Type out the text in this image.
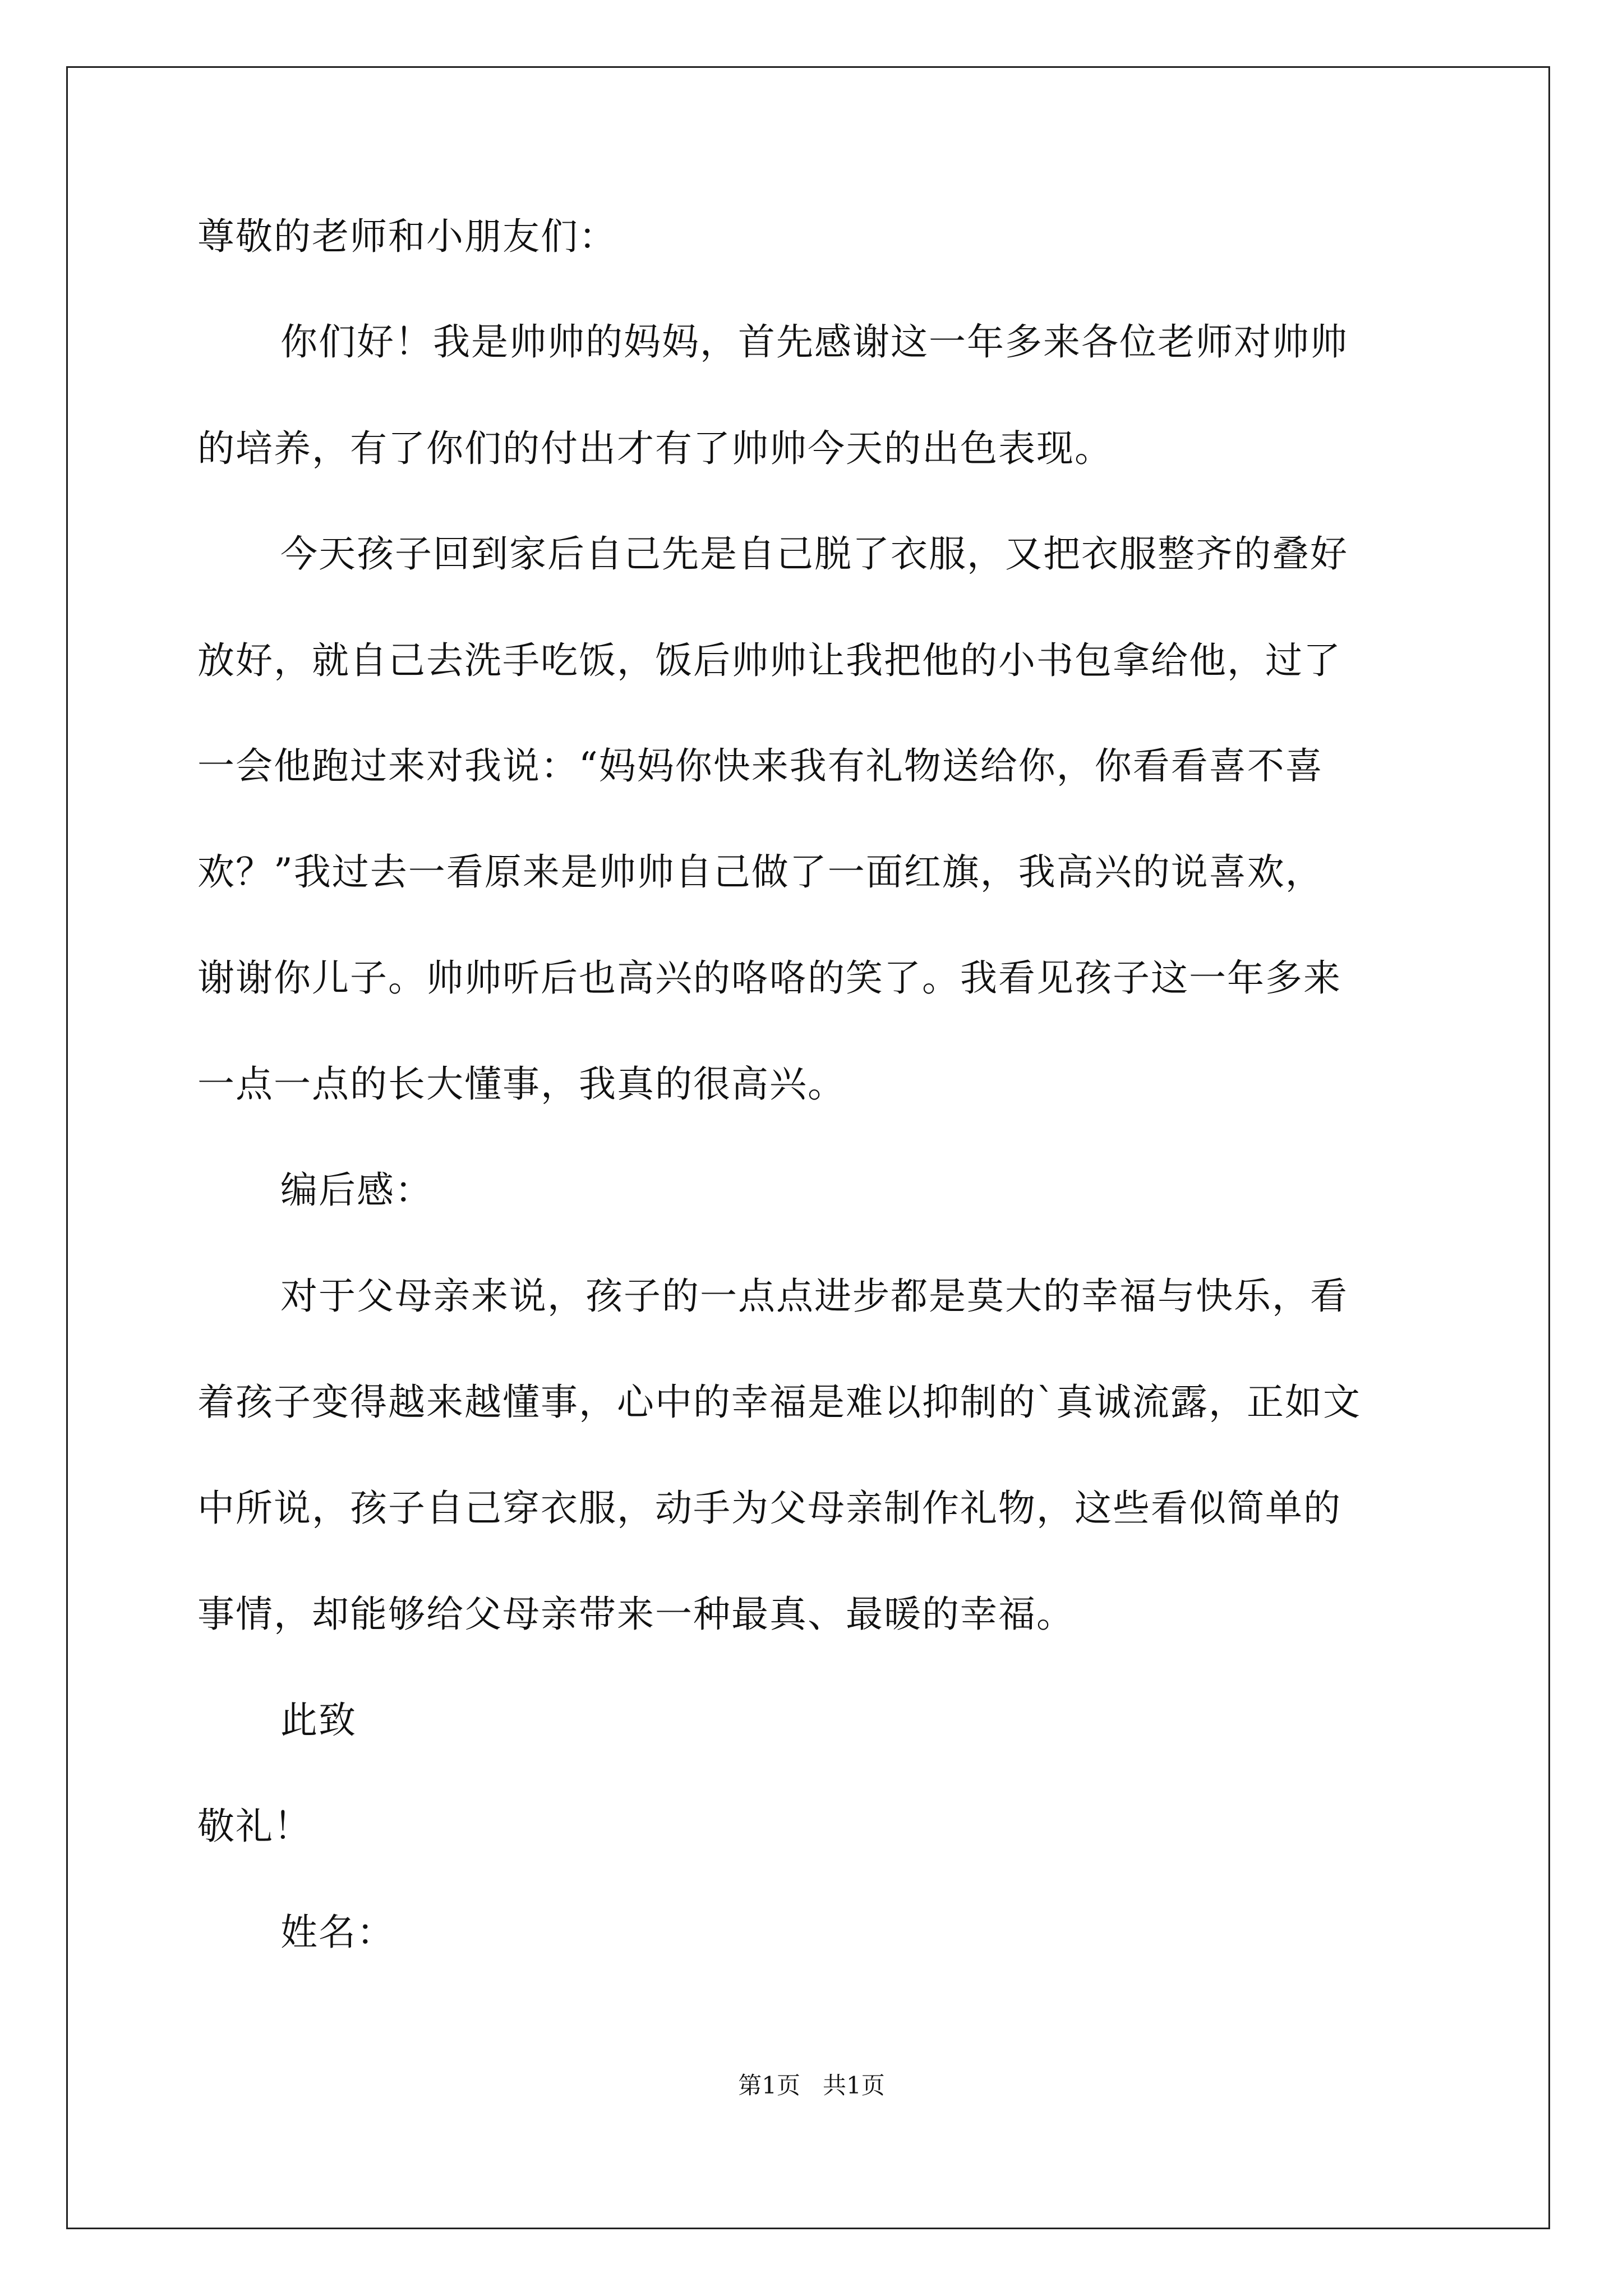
尊敬的老师和小朋友们：

你们好！我是帅帅的妈妈，首先感谢这一年多来各位老师对帅帅

的培养，有了你们的付出才有了帅帅今天的出色表现。

今天孩子回到家后自己先是自己脱了衣服，又把衣服整齐的叠好

放好，就自己去洗手吃饭，饭后帅帅让我把他的小书包拿给他，过了

一会他跑过来对我说：“妈妈你快来我有礼物送给你，你看看喜不喜

欢？”我过去一看原来是帅帅自己做了一面红旗，我高兴的说喜欢，

谢谢你儿子。帅帅听后也高兴的咯咯的笑了。我看见孩子这一年多来

一点一点的长大懂事，我真的很高兴。

编后感：

对于父母亲来说，孩子的一点点进步都是莫大的幸福与快乐，看

着孩子变得越来越懂事，心中的幸福是难以抑制的`真诚流露，正如文

中所说，孩子自己穿衣服，动手为父母亲制作礼物，这些看似简单的

事情，却能够给父母亲带来一种最真、最暖的幸福。

此致

敬礼！

姓名：

第1页   共1页
